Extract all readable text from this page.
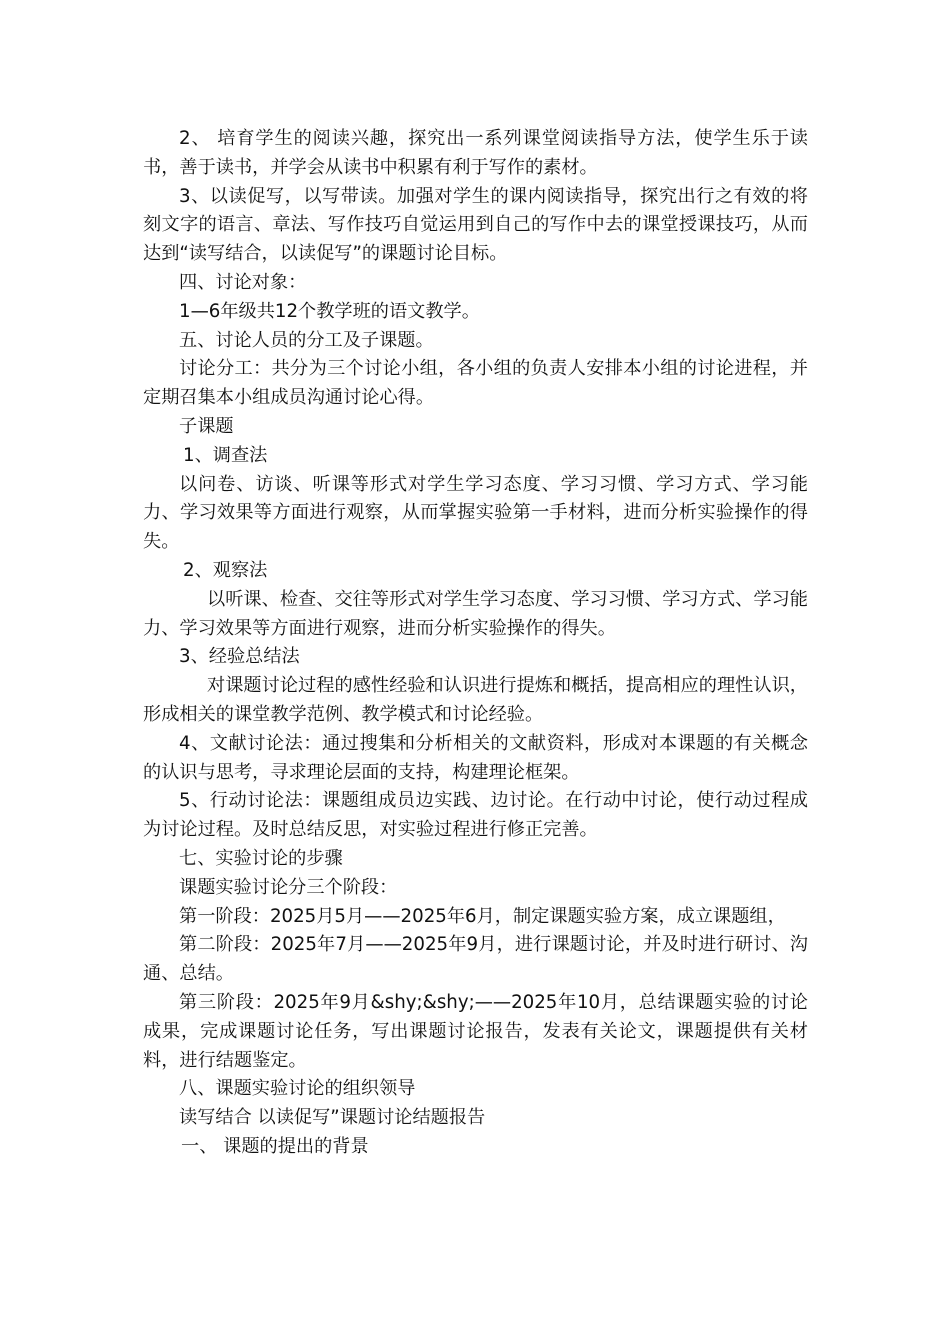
2、 培育学生的阅读兴趣，探究出一系列课堂阅读指导方法，使学生乐于读书，善于读书，并学会从读书中积累有利于写作的素材。

3、以读促写，以写带读。加强对学生的课内阅读指导，探究出行之有效的将刻文字的语言、章法、写作技巧自觉运用到自己的写作中去的课堂授课技巧，从而达到“读写结合，以读促写”的课题讨论目标。

四、讨论对象：

1—6年级共12个教学班的语文教学。

五、讨论人员的分工及子课题。

讨论分工：共分为三个讨论小组，各小组的负责人安排本小组的讨论进程，并定期召集本小组成员沟通讨论心得。

子课题

1、调查法

以问卷、访谈、听课等形式对学生学习态度、学习习惯、学习方式、学习能力、学习效果等方面进行观察，从而掌握实验第一手材料，进而分析实验操作的得失。

2、观察法

以听课、检查、交往等形式对学生学习态度、学习习惯、学习方式、学习能力、学习效果等方面进行观察，进而分析实验操作的得失。

3、经验总结法

对课题讨论过程的感性经验和认识进行提炼和概括，提高相应的理性认识，形成相关的课堂教学范例、教学模式和讨论经验。

4、文献讨论法：通过搜集和分析相关的文献资料，形成对本课题的有关概念的认识与思考，寻求理论层面的支持，构建理论框架。

5、行动讨论法：课题组成员边实践、边讨论。在行动中讨论，使行动过程成为讨论过程。及时总结反思，对实验过程进行修正完善。

七、实验讨论的步骤

课题实验讨论分三个阶段：

第一阶段：2025月5月——2025年6月，制定课题实验方案，成立课题组，

第二阶段：2025年7月——2025年9月，进行课题讨论，并及时进行研讨、沟通、总结。

第三阶段：2025年9月&shy;&shy;——2025年10月，总结课题实验的讨论成果，完成课题讨论任务，写出课题讨论报告，发表有关论文，课题提供有关材料，进行结题鉴定。

八、课题实验讨论的组织领导

读写结合 以读促写”课题讨论结题报告

一、 课题的提出的背景
